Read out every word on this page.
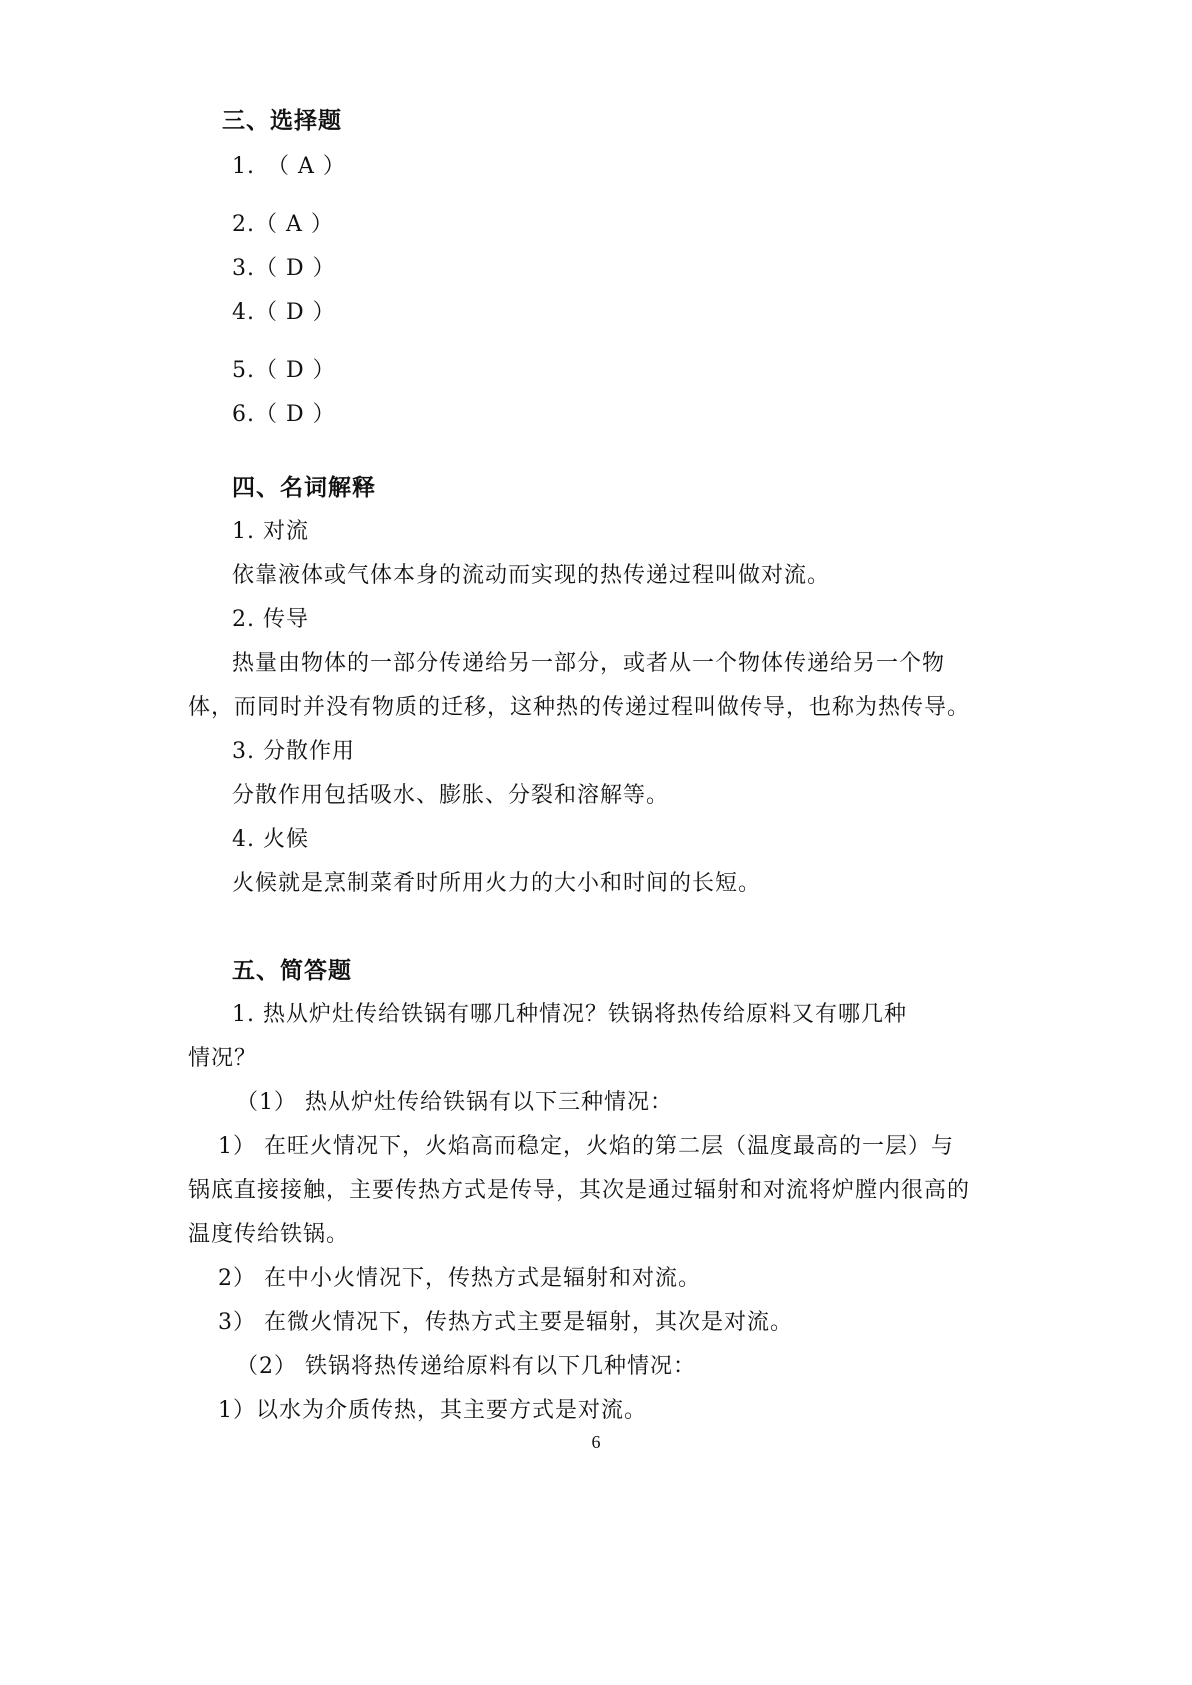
三、选择题
1.　（ A ）
2.（ A ）
3.（ D ）
4.（ D ）
5.（ D ）
6.（ D ）
四、名词解释
1. 对流
依靠液体或气体本身的流动而实现的热传递过程叫做对流。
2. 传导
热量由物体的一部分传递给另一部分，或者从一个物体传递给另一个物
体，而同时并没有物质的迁移，这种热的传递过程叫做传导，也称为热传导。
3. 分散作用
分散作用包括吸水、膨胀、分裂和溶解等。
4. 火候
火候就是烹制菜肴时所用火力的大小和时间的长短。
五、简答题
1. 热从炉灶传给铁锅有哪几种情况？铁锅将热传给原料又有哪几种
情况？
（1） 热从炉灶传给铁锅有以下三种情况：
1） 在旺火情况下，火焰高而稳定，火焰的第二层（温度最高的一层）与
锅底直接接触，主要传热方式是传导，其次是通过辐射和对流将炉膛内很高的
温度传给铁锅。
2） 在中小火情况下，传热方式是辐射和对流。
3） 在微火情况下，传热方式主要是辐射，其次是对流。
（2） 铁锅将热传递给原料有以下几种情况：
1）以水为介质传热，其主要方式是对流。
6
